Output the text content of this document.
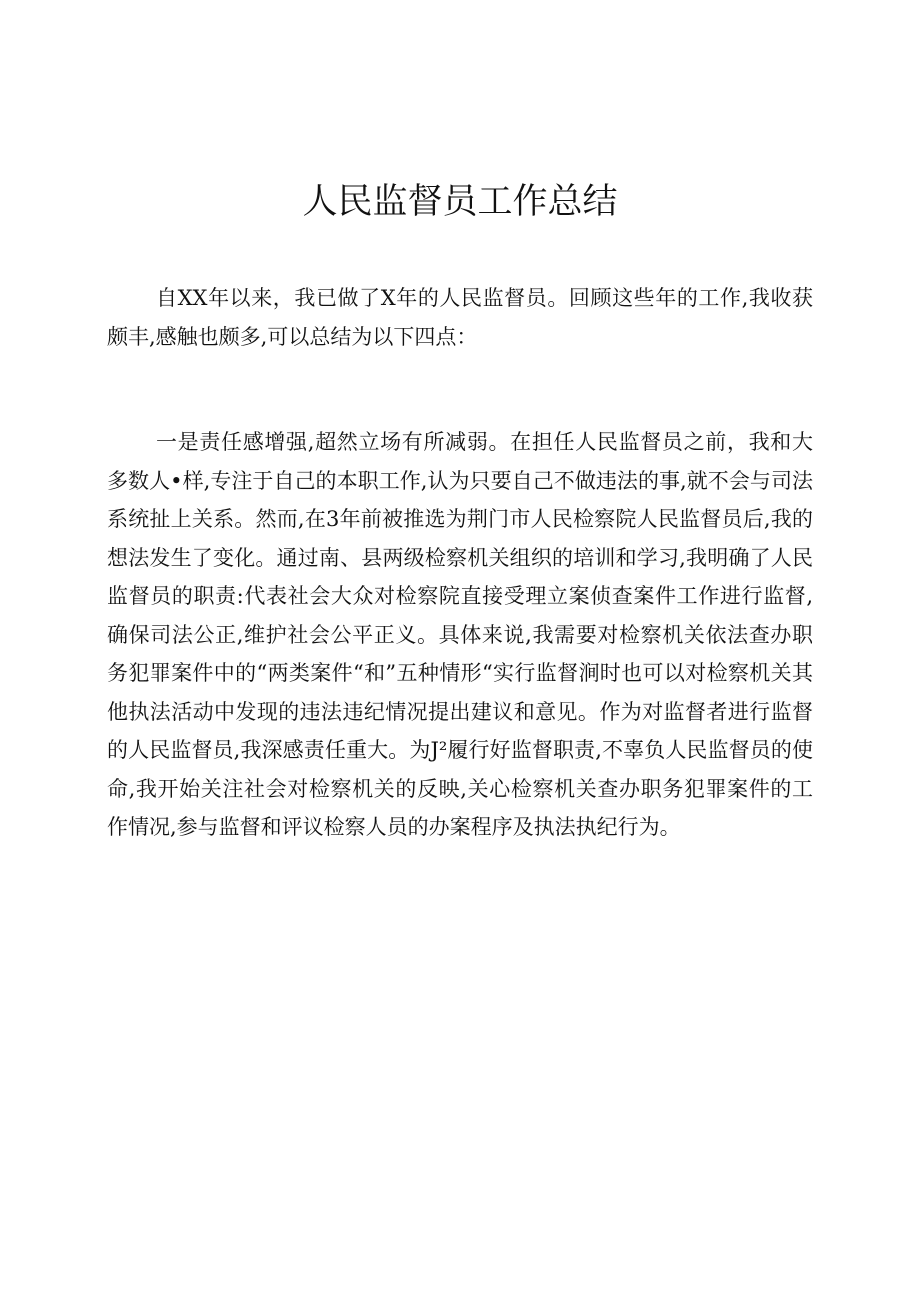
人民监督员工作总结

自XX年以来，我已做了X年的人民监督员。回顾这些年的工作,我收获颇丰,感触也颇多,可以总结为以下四点：

一是责任感增强,超然立场有所减弱。在担任人民监督员之前，我和大多数人•样,专注于自己的本职工作,认为只要自己不做违法的事,就不会与司法系统扯上关系。然而,在3年前被推选为荆门市人民检察院人民监督员后,我的想法发生了变化。通过南、县两级检察机关组织的培训和学习,我明确了人民监督员的职责:代表社会大众对检察院直接受理立案侦查案件工作进行监督,确保司法公正,维护社会公平正义。具体来说,我需要对检察机关依法查办职务犯罪案件中的“两类案件“和”五种情形“实行监督涧时也可以对检察机关其他执法活动中发现的违法违纪情况提出建议和意见。作为对监督者进行监督的人民监督员,我深感责任重大。为J²履行好监督职责,不辜负人民监督员的使命,我开始关注社会对检察机关的反映,关心检察机关查办职务犯罪案件的工作情况,参与监督和评议检察人员的办案程序及执法执纪行为。
